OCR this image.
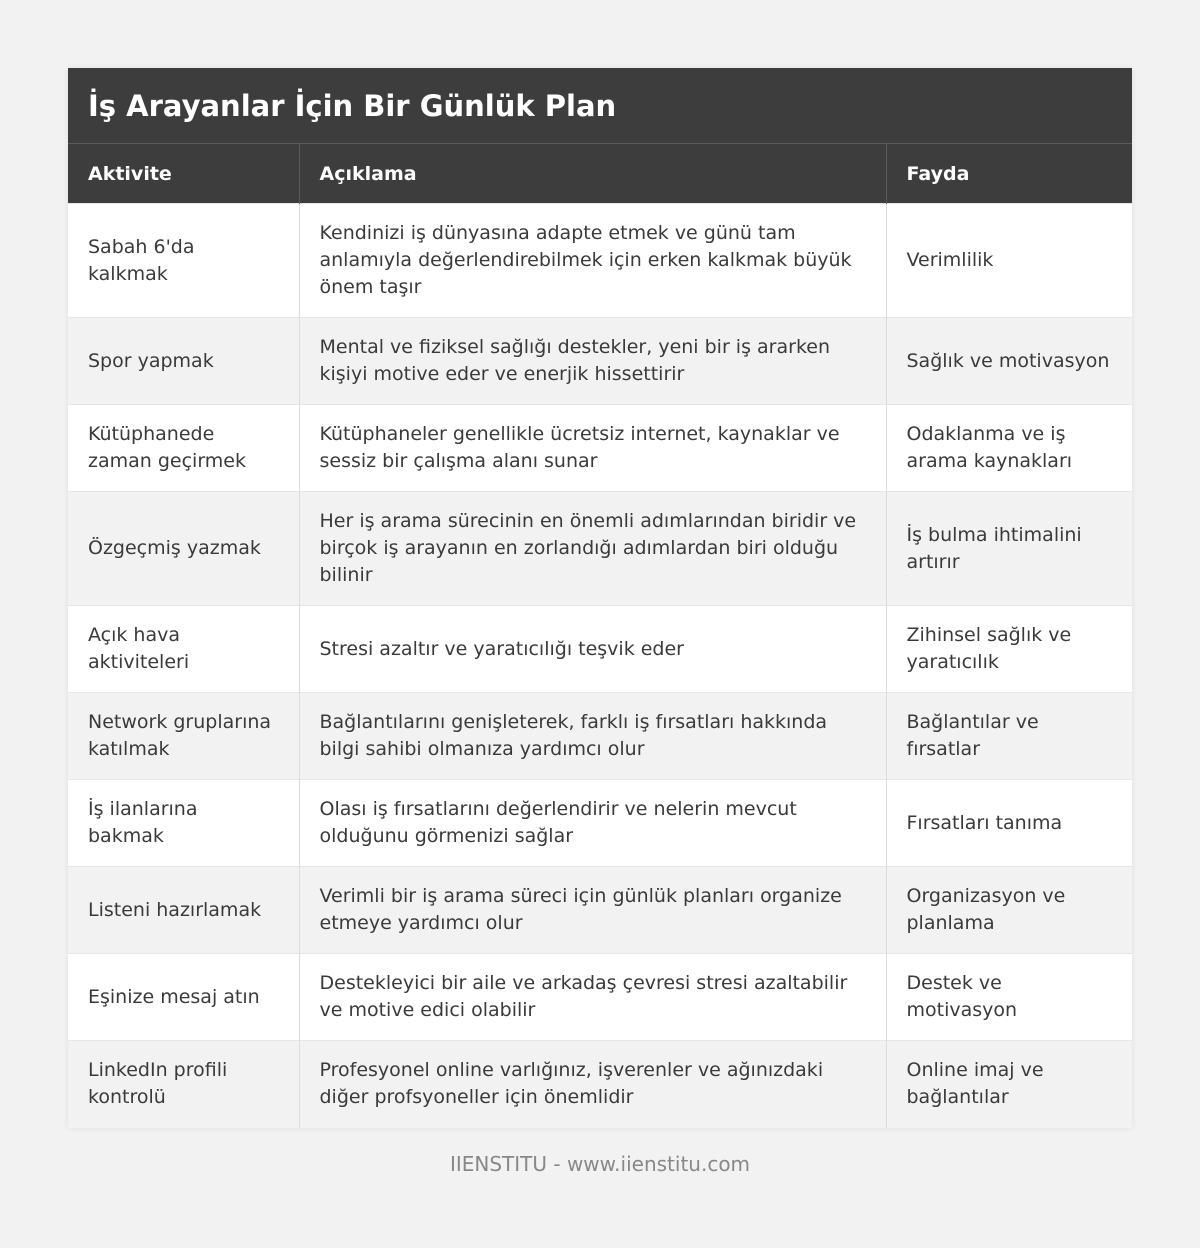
İş Arayanlar İçin Bir Günlük Plan
Aktivite	Açıklama	Fayda
Sabah 6'da kalkmak	Kendinizi iş dünyasına adapte etmek ve günü tam anlamıyla değerlendirebilmek için erken kalkmak büyük önem taşır	Verimlilik
Spor yapmak	Mental ve fiziksel sağlığı destekler, yeni bir iş ararken kişiyi motive eder ve enerjik hissettirir	Sağlık ve motivasyon
Kütüphanede zaman geçirmek	Kütüphaneler genellikle ücretsiz internet, kaynaklar ve sessiz bir çalışma alanı sunar	Odaklanma ve iş arama kaynakları
Özgeçmiş yazmak	Her iş arama sürecinin en önemli adımlarından biridir ve birçok iş arayanın en zorlandığı adımlardan biri olduğu bilinir	İş bulma ihtimalini artırır
Açık hava aktiviteleri	Stresi azaltır ve yaratıcılığı teşvik eder	Zihinsel sağlık ve yaratıcılık
Network gruplarına katılmak	Bağlantılarını genişleterek, farklı iş fırsatları hakkında bilgi sahibi olmanıza yardımcı olur	Bağlantılar ve fırsatlar
İş ilanlarına bakmak	Olası iş fırsatlarını değerlendirir ve nelerin mevcut olduğunu görmenizi sağlar	Fırsatları tanıma
Listeni hazırlamak	Verimli bir iş arama süreci için günlük planları organize etmeye yardımcı olur	Organizasyon ve planlama
Eşinize mesaj atın	Destekleyici bir aile ve arkadaş çevresi stresi azaltabilir ve motive edici olabilir	Destek ve motivasyon
LinkedIn profili kontrolü	Profesyonel online varlığınız, işverenler ve ağınızdaki diğer profsyoneller için önemlidir	Online imaj ve bağlantılar
IIENSTITU - www.iienstitu.com
